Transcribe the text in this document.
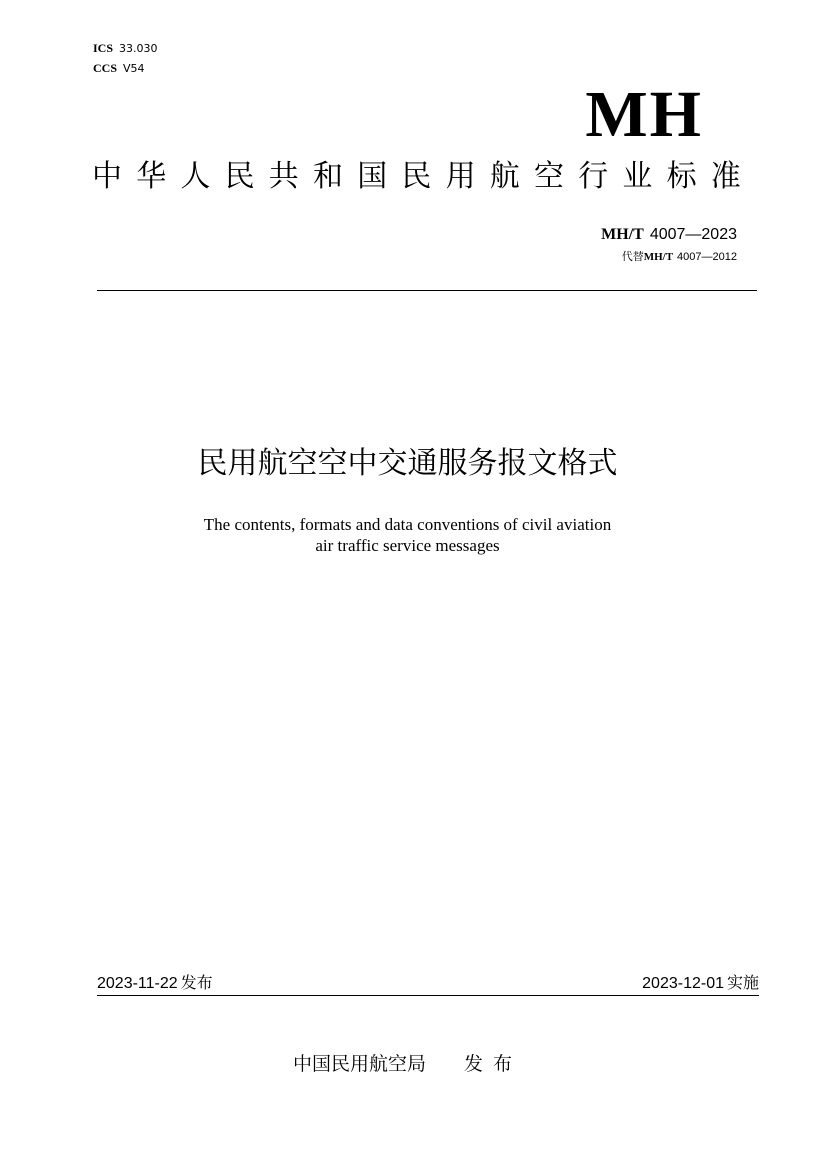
ICS 33.030
CCS V54
MH
中华人民共和国民用航空行业标准
MH/T 4007—2023
代替MH/T 4007—2012
民用航空空中交通服务报文格式
The contents, formats and data conventions of civil aviation
air traffic service messages
2023-11-22 发布	2023-12-01 实施
中国民用航空局 发布
